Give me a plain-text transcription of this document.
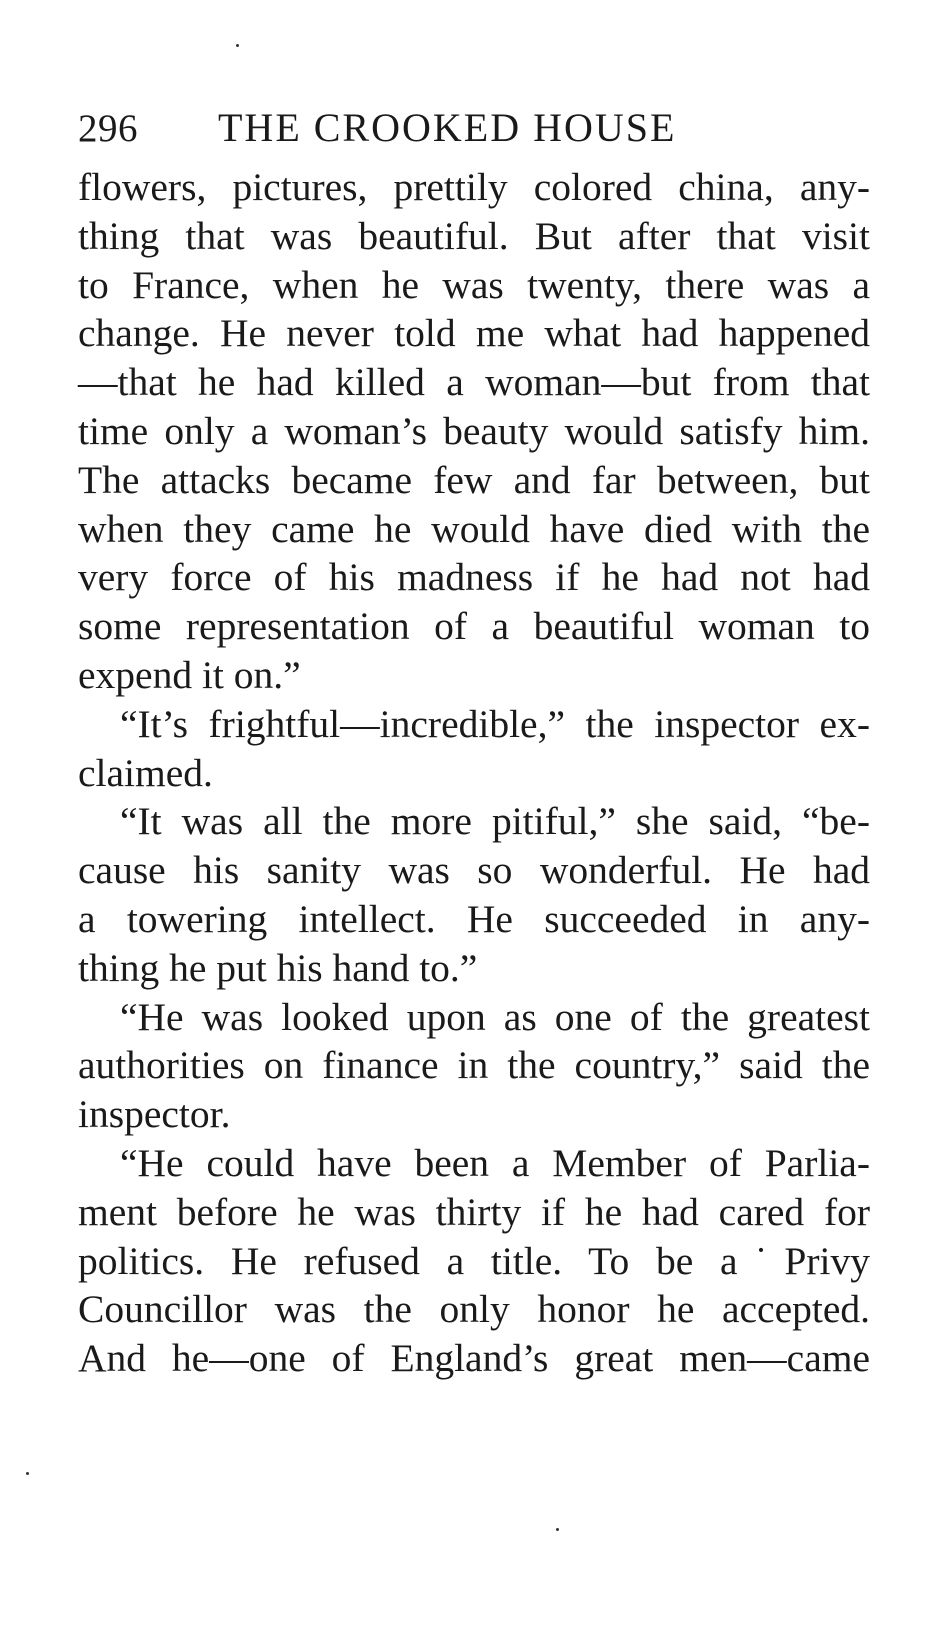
296	THE CROOKED HOUSE
flowers, pictures, prettily colored china, any-
thing that was beautiful. But after that visit
to France, when he was twenty, there was a
change. He never told me what had happened
—that he had killed a woman—but from that
time only a woman’s beauty would satisfy him.
The attacks became few and far between, but
when they came he would have died with the
very force of his madness if he had not had
some representation of a beautiful woman to
expend it on.”
“It’s frightful—incredible,” the inspector ex-
claimed.
“It was all the more pitiful,” she said, “be-
cause his sanity was so wonderful. He had
a towering intellect. He succeeded in any-
thing he put his hand to.”
“He was looked upon as one of the greatest
authorities on finance in the country,” said the
inspector.
“He could have been a Member of Parlia-
ment before he was thirty if he had cared for
politics. He refused a title. To be a˙Privy
Councillor was the only honor he accepted.
And he—one of England’s great men—came
